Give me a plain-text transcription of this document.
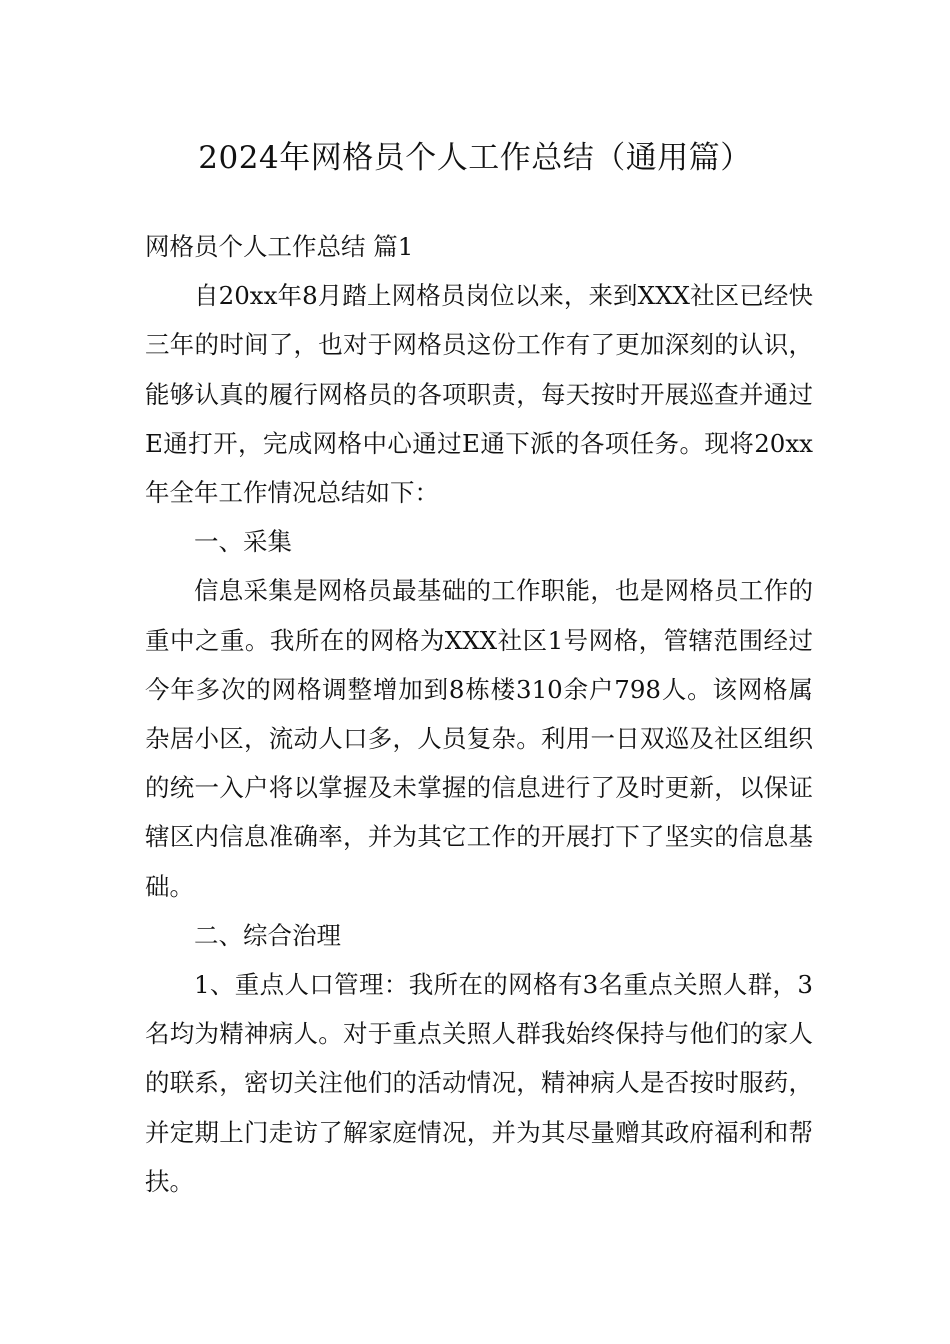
2024年网格员个人工作总结（通用篇）

网格员个人工作总结 篇1

自20xx年8月踏上网格员岗位以来，来到XXX社区已经快三年的时间了，也对于网格员这份工作有了更加深刻的认识，能够认真的履行网格员的各项职责，每天按时开展巡查并通过E通打开，完成网格中心通过E通下派的各项任务。现将20xx年全年工作情况总结如下：

一、采集

信息采集是网格员最基础的工作职能，也是网格员工作的重中之重。我所在的网格为XXX社区1号网格，管辖范围经过今年多次的网格调整增加到8栋楼310余户798人。该网格属杂居小区，流动人口多，人员复杂。利用一日双巡及社区组织的统一入户将以掌握及未掌握的信息进行了及时更新，以保证辖区内信息准确率，并为其它工作的开展打下了坚实的信息基础。

二、综合治理

1、重点人口管理：我所在的网格有3名重点关照人群，3名均为精神病人。对于重点关照人群我始终保持与他们的家人的联系，密切关注他们的活动情况，精神病人是否按时服药，并定期上门走访了解家庭情况，并为其尽量赠其政府福利和帮扶。
